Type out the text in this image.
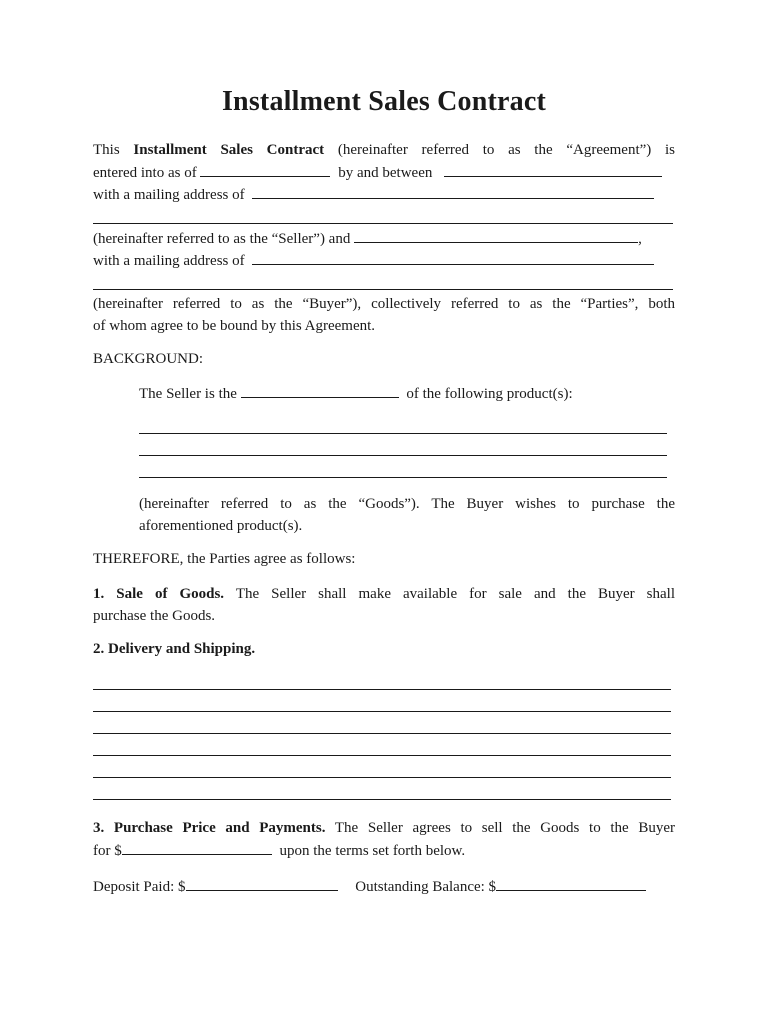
Installment Sales Contract
This Installment Sales Contract (hereinafter referred to as the “Agreement”) is
entered into as of	by and between
with a mailing address of
(hereinafter referred to as the “Seller”) and	,
with a mailing address of
(hereinafter referred to as the “Buyer”), collectively referred to as the “Parties”, both
of whom agree to be bound by this Agreement.
BACKGROUND:
The Seller is the	of the following product(s):
(hereinafter referred to as the “Goods”). The Buyer wishes to purchase the
aforementioned product(s).
THEREFORE, the Parties agree as follows:
1. Sale of Goods. The Seller shall make available for sale and the Buyer shall
purchase the Goods.
2. Delivery and Shipping.
3. Purchase Price and Payments. The Seller agrees to sell the Goods to the Buyer
for $	upon the terms set forth below.
Deposit Paid: $	Outstanding Balance: $
